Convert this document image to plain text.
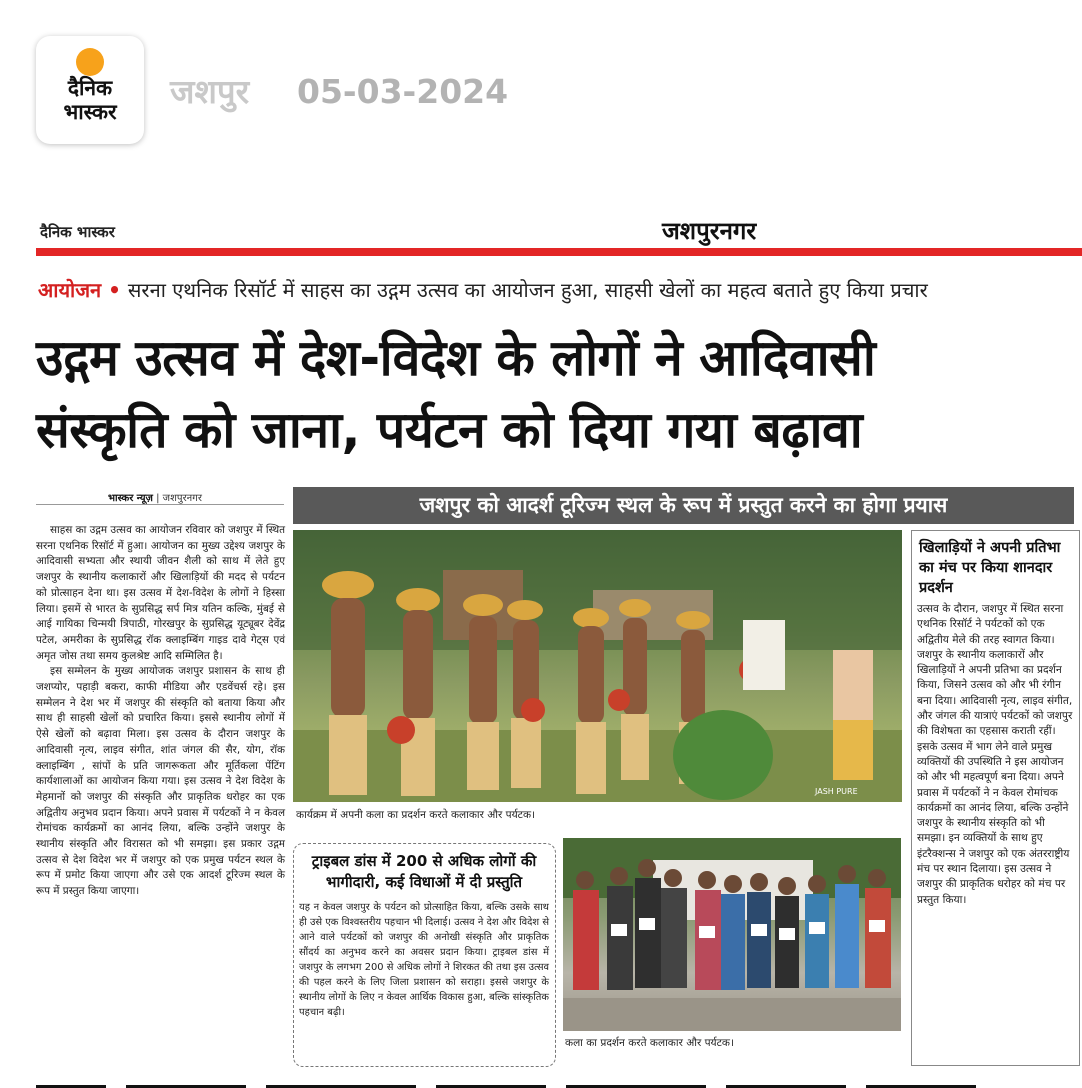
दैनिक
भास्कर
जशपुर 05-03-2024
दैनिक भास्कर	जशपुरनगर
आयोजन • सरना एथनिक रिसॉर्ट में साहस का उद्गम उत्सव का आयोजन हुआ, साहसी खेलों का महत्व बताते हुए किया प्रचार
उद्गम उत्सव में देश-विदेश के लोगों ने आदिवासी
संस्कृति को जाना, पर्यटन को दिया गया बढ़ावा
भास्कर न्यूज़ | जशपुरनगर

साहस का उद्गम उत्सव का आयोजन रविवार को जशपुर में स्थित सरना एथनिक रिसॉर्ट में हुआ। आयोजन का मुख्य उद्देश्य जशपुर के आदिवासी सभ्यता और स्थायी जीवन शैली को साथ में लेते हुए जशपुर के स्थानीय कलाकारों और खिलाड़ियों की मदद से पर्यटन को प्रोत्साहन देना था। इस उत्सव में देश-विदेश के लोगों ने हिस्सा लिया। इसमें से भारत के सुप्रसिद्ध सर्प मित्र यतिन कल्कि, मुंबई से आई गायिका चिन्मयी त्रिपाठी, गोरखपुर के सुप्रसिद्ध यूट्यूबर देवेंद्र पटेल, अमरीका के सुप्रसिद्ध रॉक क्लाइम्बिंग गाइड दावे गेट्स एवं अमृत जोस तथा समय कुलश्रेष्ट आदि सम्मिलित है।

इस सम्मेलन के मुख्य आयोजक जशपुर प्रशासन के साथ ही जशप्योर, पहाड़ी बकरा, काफी मीडिया और एडवेंचर्स रहे। इस सम्मेलन ने देश भर में जशपुर की संस्कृति को बताया किया और साथ ही साहसी खेलों को प्रचारित किया। इससे स्थानीय लोगों में ऐसे खेलों को बढ़ावा मिला। इस उत्सव के दौरान जशपुर के आदिवासी नृत्य, लाइव संगीत, शांत जंगल की सैर, योग, रॉक क्लाइम्बिंग , सांपों के प्रति जागरूकता और मूर्तिकला पेंटिंग कार्यशालाओं का आयोजन किया गया। इस उत्सव ने देश विदेश के मेहमानों को जशपुर की संस्कृति और प्राकृतिक धरोहर का एक अद्वितीय अनुभव प्रदान किया। अपने प्रवास में पर्यटकों ने न केवल रोमांचक कार्यक्रमों का आनंद लिया, बल्कि उन्होंने जशपुर के स्थानीय संस्कृति और विरासत को भी समझा। इस प्रकार उद्गम उत्सव से देश विदेश भर में जशपुर को एक प्रमुख पर्यटन स्थल के रूप में प्रमोट किया जाएगा और उसे एक आदर्श टूरिज्म स्थल के रूप में प्रस्तुत किया जाएगा।

जशपुर को आदर्श टूरिज्म स्थल के रूप में प्रस्तुत करने का होगा प्रयास
JASH PURE
कार्यक्रम में अपनी कला का प्रदर्शन करते कलाकार और पर्यटक।
खिलाड़ियों ने अपनी प्रतिभा का मंच पर किया शानदार प्रदर्शन
उत्सव के दौरान, जशपुर में स्थित सरना एथनिक रिसॉर्ट ने पर्यटकों को एक अद्वितीय मेले की तरह स्वागत किया। जशपुर के स्थानीय कलाकारों और खिलाड़ियों ने अपनी प्रतिभा का प्रदर्शन किया, जिसने उत्सव को और भी रंगीन बना दिया। आदिवासी नृत्य, लाइव संगीत, और जंगल की यात्राएं पर्यटकों को जशपुर की विशेषता का एहसास कराती रहीं। इसके उत्सव में भाग लेने वाले प्रमुख व्यक्तियों की उपस्थिति ने इस आयोजन को और भी महत्वपूर्ण बना दिया। अपने प्रवास में पर्यटकों ने न केवल रोमांचक कार्यक्रमों का आनंद लिया, बल्कि उन्होंने जशपुर के स्थानीय संस्कृति को भी समझा। इन व्यक्तियों के साथ हुए इंटरैक्शन्स ने जशपुर को एक अंतरराष्ट्रीय मंच पर स्थान दिलाया। इस उत्सव ने जशपुर की प्राकृतिक धरोहर को मंच पर प्रस्तुत किया।
ट्राइबल डांस में 200 से अधिक लोगों की भागीदारी, कई विधाओं में दी प्रस्तुति
यह न केवल जशपुर के पर्यटन को प्रोत्साहित किया, बल्कि उसके साथ ही उसे एक विश्वस्तरीय पहचान भी दिलाई। उत्सव ने देश और विदेश से आने वाले पर्यटकों को जशपुर की अनोखी संस्कृति और प्राकृतिक सौंदर्य का अनुभव करने का अवसर प्रदान किया। ट्राइबल डांस में जशपुर के लगभग 200 से अधिक लोगों ने शिरकत की तथा इस उत्सव की पहल करने के लिए जिला प्रशासन को सराहा। इससे जशपुर के स्थानीय लोगों के लिए न केवल आर्थिक विकास हुआ, बल्कि सांस्कृतिक पहचान बढ़ी।
कला का प्रदर्शन करते कलाकार और पर्यटक।
